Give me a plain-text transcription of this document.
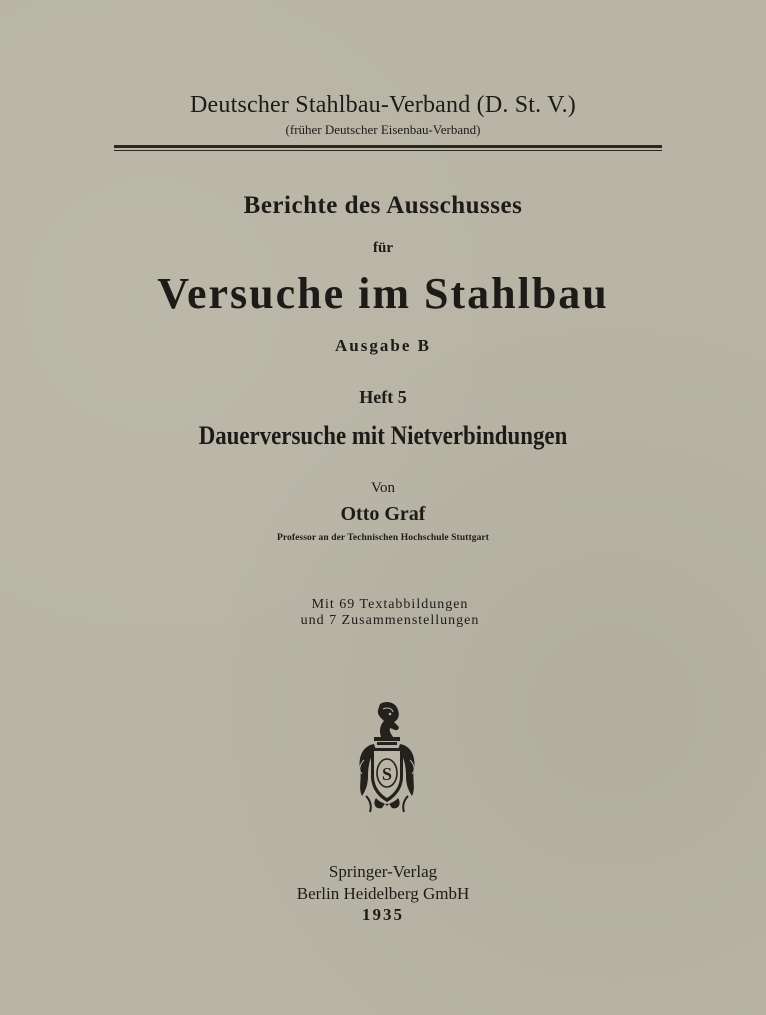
Deutscher Stahlbau-Verband (D. St. V.)
(früher Deutscher Eisenbau-Verband)
Berichte des Ausschusses
für
Versuche im Stahlbau
Ausgabe B
Heft 5
Dauerversuche mit Nietverbindungen
Von
Otto Graf
Professor an der Technischen Hochschule Stuttgart
Mit 69 Textabbildungen
und 7 Zusammenstellungen
S
Springer-Verlag
Berlin Heidelberg GmbH
1935
